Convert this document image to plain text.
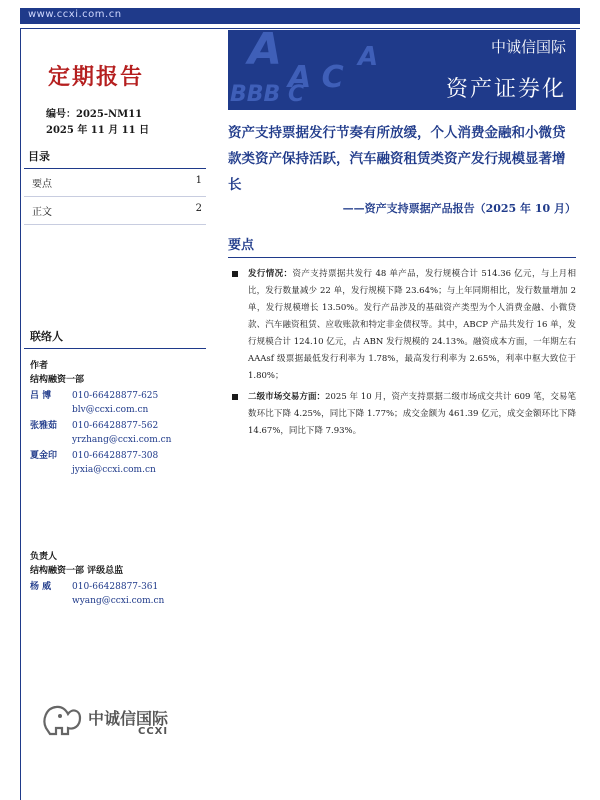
www.ccxi.com.cn
A
A C
BBB C
A	中诚信国际
资产证券化
定期报告
编号：2025-NM11
2025 年 11 月 11 日
目录
要点	1
正文	2
联络人
作者
结构融资一部
吕 博	010-66428877-625
blv@ccxi.com.cn
张雅茹	010-66428877-562
yrzhang@ccxi.com.cn
夏金印	010-66428877-308
jyxia@ccxi.com.cn
负责人
结构融资一部 评级总监
杨 威	010-66428877-361
wyang@ccxi.com.cn
中诚信国际
CCXI
资产支持票据发行节奏有所放缓，个人消费金融和小微贷款类资产保持活跃，汽车融资租赁类资产发行规模显著增长
——资产支持票据产品报告（2025 年 10 月）
要点
发行情况：资产支持票据共发行 48 单产品，发行规模合计 514.36 亿元，与上月相比，发行数量减少 22 单，发行规模下降 23.64%；与上年同期相比，发行数量增加 2 单，发行规模增长 13.50%。发行产品涉及的基础资产类型为个人消费金融、小微贷款、汽车融资租赁、应收账款和特定非金债权等。其中，ABCP 产品共发行 16 单，发行规模合计 124.10 亿元，占 ABN 发行规模的 24.13%。融资成本方面，一年期左右 AAAsf 级票据最低发行利率为 1.78%，最高发行利率为 2.65%，利率中枢大致位于 1.80%；
二级市场交易方面：2025 年 10 月，资产支持票据二级市场成交共计 609 笔，交易笔数环比下降 4.25%，同比下降 1.77%；成交金额为 461.39 亿元，成交金额环比下降 14.67%，同比下降 7.93%。
